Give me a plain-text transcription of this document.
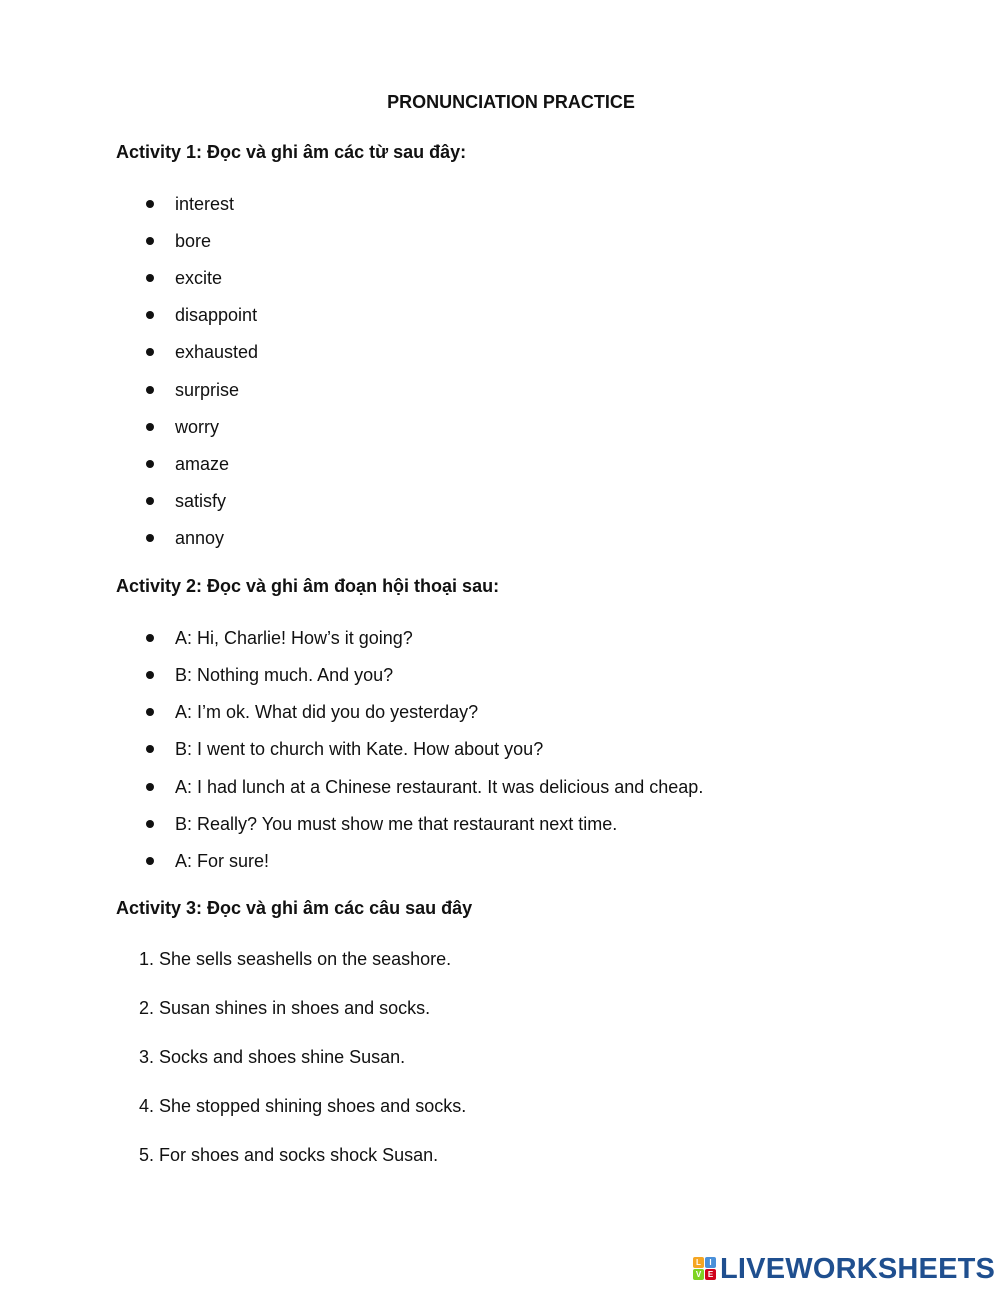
PRONUNCIATION PRACTICE
Activity 1: Đọc và ghi âm các từ sau đây:
interest
bore
excite
disappoint
exhausted
surprise
worry
amaze
satisfy
annoy
Activity 2: Đọc và ghi âm đoạn hội thoại sau:
A: Hi, Charlie! How’s it going?
B: Nothing much. And you?
A: I’m ok. What did you do yesterday?
B: I went to church with Kate. How about you?
A: I had lunch at a Chinese restaurant. It was delicious and cheap.
B: Really? You must show me that restaurant next time.
A: For sure!
Activity 3: Đọc và ghi âm các câu sau đây
1. She sells seashells on the seashore.
2. Susan shines in shoes and socks.
3. Socks and shoes shine Susan.
4. She stopped shining shoes and socks.
5. For shoes and socks shock Susan.
L	I
V E LIVEWORKSHEETS
